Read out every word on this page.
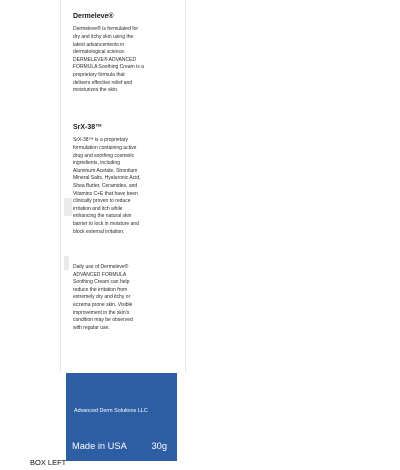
Dermeleve®

Dermeleve® is formulated for
dry and itchy skin using the
latest advancements in
dermatological science.
DERMELEVE® ADVANCED
FORMULA Soothing Cream is a
proprietary formula that
delivers effective relief and
moisturizes the skin.

SrX-38™

SrX-38™ is a proprietary
formulation containing active
drug and soothing cosmetic
ingredients, including
Aluminum Acetate, Strontium
Mineral Salts, Hyaluronic Acid,
Shea Butter, Ceramides, and
Vitamins C+E that have been
clinically proven to reduce
irritation and itch while
enhancing the natural skin
barrier to lock in moisture and
block external irritation.

Daily use of Dermeleve®
ADVANCED FORMULA
Soothing Cream can help
reduce the irritation from
extremely dry and itchy or
eczema prone skin. Visible
improvement in the skin's
condition may be observed
with regular use.

Advanced Derm Solutions LLC
Made in USA	30g
BOX LEFT
